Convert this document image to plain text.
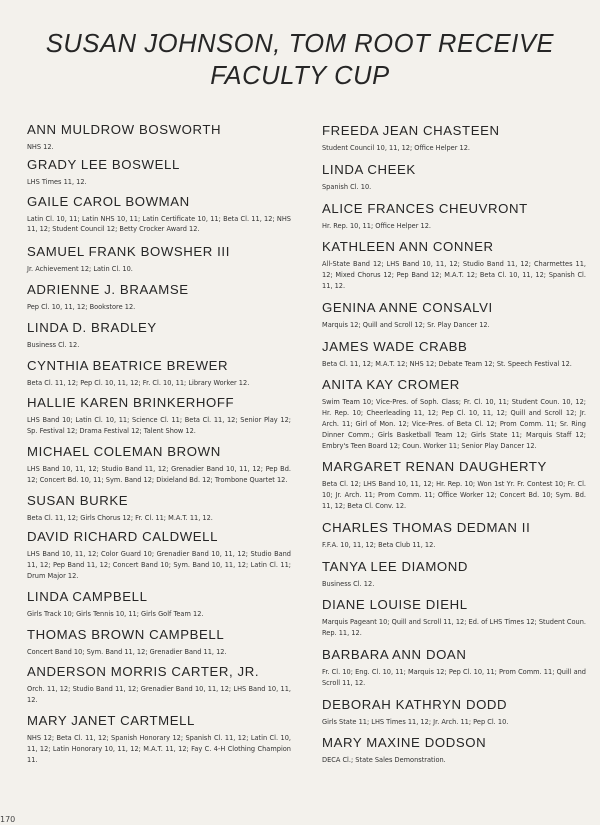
SUSAN JOHNSON, TOM ROOT RECEIVE
FACULTY CUP
ANN MULDROW BOSWORTH
NHS 12.
GRADY LEE BOSWELL
LHS Times 11, 12.
GAILE CAROL BOWMAN
Latin Cl. 10, 11; Latin NHS 10, 11; Latin Certificate 10, 11; Beta Cl. 11, 12; NHS 11, 12; Student Council 12; Betty Crocker Award 12.
SAMUEL FRANK BOWSHER III
Jr. Achievement 12; Latin Cl. 10.
ADRIENNE J. BRAAMSE
Pep Cl. 10, 11, 12; Bookstore 12.
LINDA D. BRADLEY
Business Cl. 12.
CYNTHIA BEATRICE BREWER
Beta Cl. 11, 12; Pep Cl. 10, 11, 12; Fr. Cl. 10, 11; Library Worker 12.
HALLIE KAREN BRINKERHOFF
LHS Band 10; Latin Cl. 10, 11; Science Cl. 11; Beta Cl. 11, 12; Senior Play 12; Sp. Festival 12; Drama Festival 12; Talent Show 12.
MICHAEL COLEMAN BROWN
LHS Band 10, 11, 12; Studio Band 11, 12; Grenadier Band 10, 11, 12; Pep Bd. 12; Concert Bd. 10, 11; Sym. Band 12; Dixieland Bd. 12; Trombone Quartet 12.
SUSAN BURKE
Beta Cl. 11, 12; Girls Chorus 12; Fr. Cl. 11; M.A.T. 11, 12.
DAVID RICHARD CALDWELL
LHS Band 10, 11, 12; Color Guard 10; Grenadier Band 10, 11, 12; Studio Band 11, 12; Pep Band 11, 12; Concert Band 10; Sym. Band 10, 11, 12; Latin Cl. 11; Drum Major 12.
LINDA CAMPBELL
Girls Track 10; Girls Tennis 10, 11; Girls Golf Team 12.
THOMAS BROWN CAMPBELL
Concert Band 10; Sym. Band 11, 12; Grenadier Band 11, 12.
ANDERSON MORRIS CARTER, JR.
Orch. 11, 12; Studio Band 11, 12; Grenadier Band 10, 11, 12; LHS Band 10, 11, 12.
MARY JANET CARTMELL
NHS 12; Beta Cl. 11, 12; Spanish Honorary 12; Spanish Cl. 11, 12; Latin Cl. 10, 11, 12; Latin Honorary 10, 11, 12; M.A.T. 11, 12; Fay C. 4-H Clothing Champion 11.
FREEDA JEAN CHASTEEN
Student Council 10, 11, 12; Office Helper 12.
LINDA CHEEK
Spanish Cl. 10.
ALICE FRANCES CHEUVRONT
Hr. Rep. 10, 11; Office Helper 12.
KATHLEEN ANN CONNER
All-State Band 12; LHS Band 10, 11, 12; Studio Band 11, 12; Charmettes 11, 12; Mixed Chorus 12; Pep Band 12; M.A.T. 12; Beta Cl. 10, 11, 12; Spanish Cl. 11, 12.
GENINA ANNE CONSALVI
Marquis 12; Quill and Scroll 12; Sr. Play Dancer 12.
JAMES WADE CRABB
Beta Cl. 11, 12; M.A.T. 12; NHS 12; Debate Team 12; St. Speech Festival 12.
ANITA KAY CROMER
Swim Team 10; Vice-Pres. of Soph. Class; Fr. Cl. 10, 11; Student Coun. 10, 12; Hr. Rep. 10; Cheerleading 11, 12; Pep Cl. 10, 11, 12; Quill and Scroll 12; Jr. Arch. 11; Girl of Mon. 12; Vice-Pres. of Beta Cl. 12; Prom Comm. 11; Sr. Ring Dinner Comm.; Girls Basketball Team 12; Girls State 11; Marquis Staff 12; Embry's Teen Board 12; Coun. Worker 11; Senior Play Dancer 12.
MARGARET RENAN DAUGHERTY
Beta Cl. 12; LHS Band 10, 11, 12; Hr. Rep. 10; Won 1st Yr. Fr. Contest 10; Fr. Cl. 10; Jr. Arch. 11; Prom Comm. 11; Office Worker 12; Concert Bd. 10; Sym. Bd. 11, 12; Beta Cl. Conv. 12.
CHARLES THOMAS DEDMAN II
F.F.A. 10, 11, 12; Beta Club 11, 12.
TANYA LEE DIAMOND
Business Cl. 12.
DIANE LOUISE DIEHL
Marquis Pageant 10; Quill and Scroll 11, 12; Ed. of LHS Times 12; Student Coun. Rep. 11, 12.
BARBARA ANN DOAN
Fr. Cl. 10; Eng. Cl. 10, 11; Marquis 12; Pep Cl. 10, 11; Prom Comm. 11; Quill and Scroll 11, 12.
DEBORAH KATHRYN DODD
Girls State 11; LHS Times 11, 12; Jr. Arch. 11; Pep Cl. 10.
MARY MAXINE DODSON
DECA Cl.; State Sales Demonstration.
170
